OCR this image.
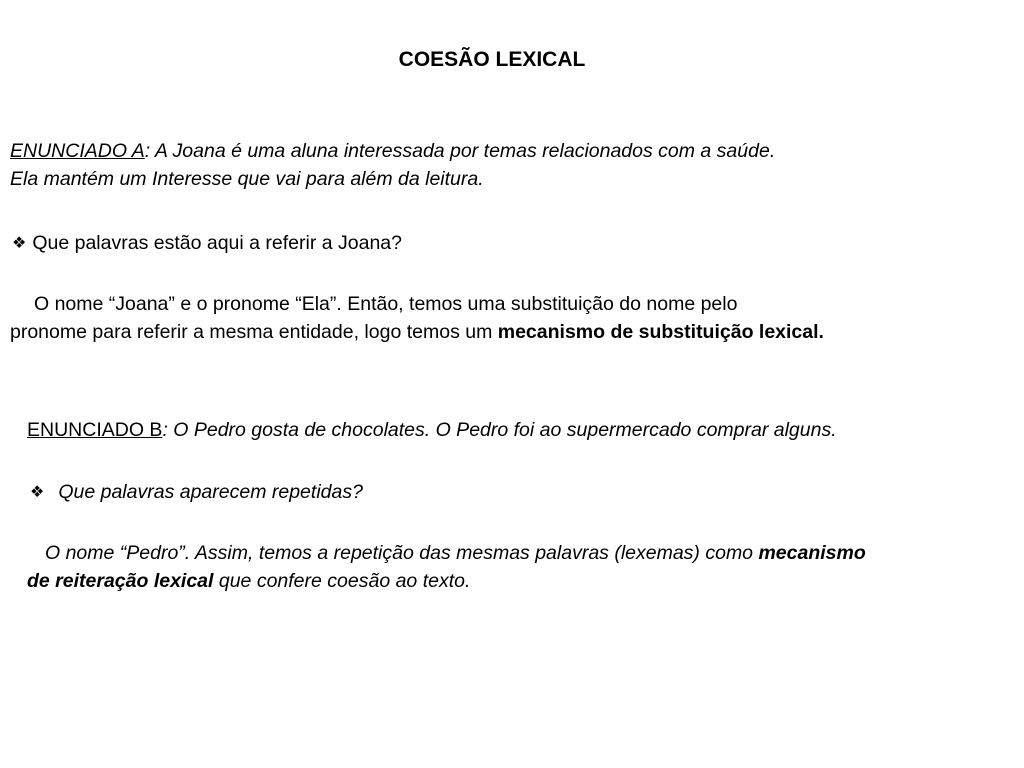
COESÃO LEXICAL
ENUNCIADO A: A Joana é uma aluna interessada por temas relacionados com a saúde.
Ela mantém um Interesse que vai para além da leitura.
❖ Que palavras estão aqui a referir a Joana?
O nome “Joana” e o pronome “Ela”. Então, temos uma substituição do nome pelo
pronome para referir a mesma entidade, logo temos um mecanismo de substituição lexical.
ENUNCIADO B: O Pedro gosta de chocolates. O Pedro foi ao supermercado comprar alguns.
❖ Que palavras aparecem repetidas?
O nome “Pedro”. Assim, temos a repetição das mesmas palavras (lexemas) como mecanismo
de reiteração lexical que confere coesão ao texto.
